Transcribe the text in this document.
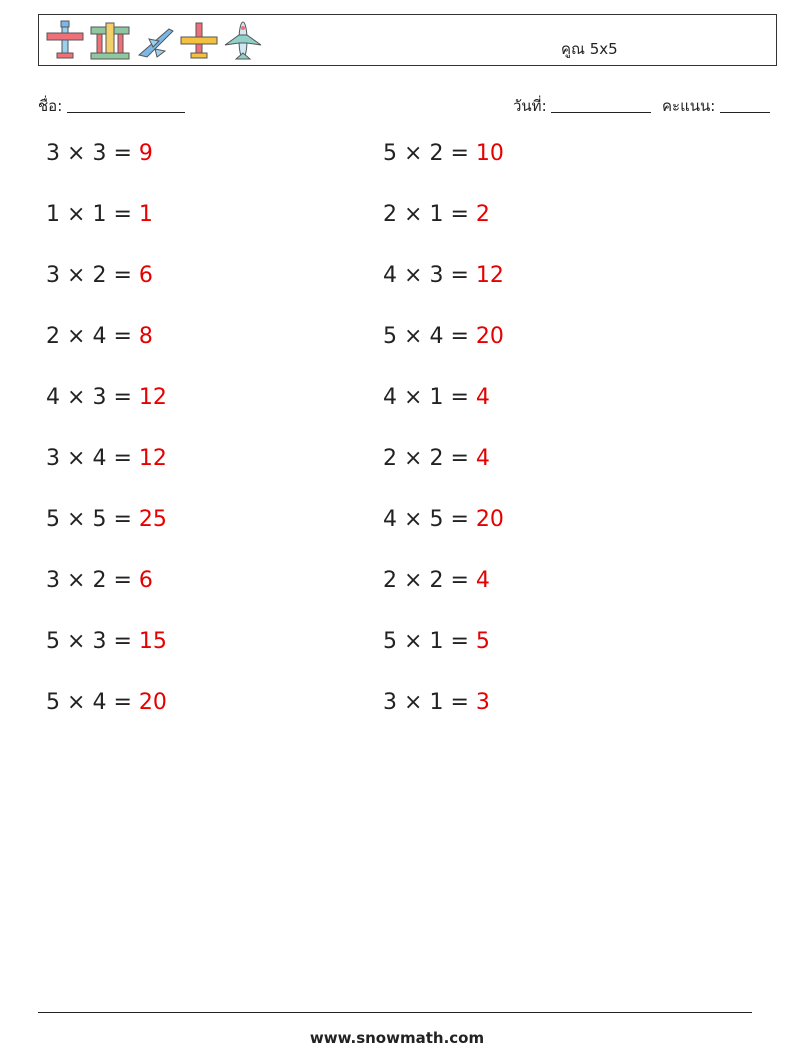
คูณ 5x5
ชื่อ:	วันที่:	คะแนน:
3 × 3 = 9	5 × 2 = 10
1 × 1 = 1	2 × 1 = 2
3 × 2 = 6	4 × 3 = 12
2 × 4 = 8	5 × 4 = 20
4 × 3 = 12	4 × 1 = 4
3 × 4 = 12	2 × 2 = 4
5 × 5 = 25	4 × 5 = 20
3 × 2 = 6	2 × 2 = 4
5 × 3 = 15	5 × 1 = 5
5 × 4 = 20	3 × 1 = 3
www.snowmath.com
